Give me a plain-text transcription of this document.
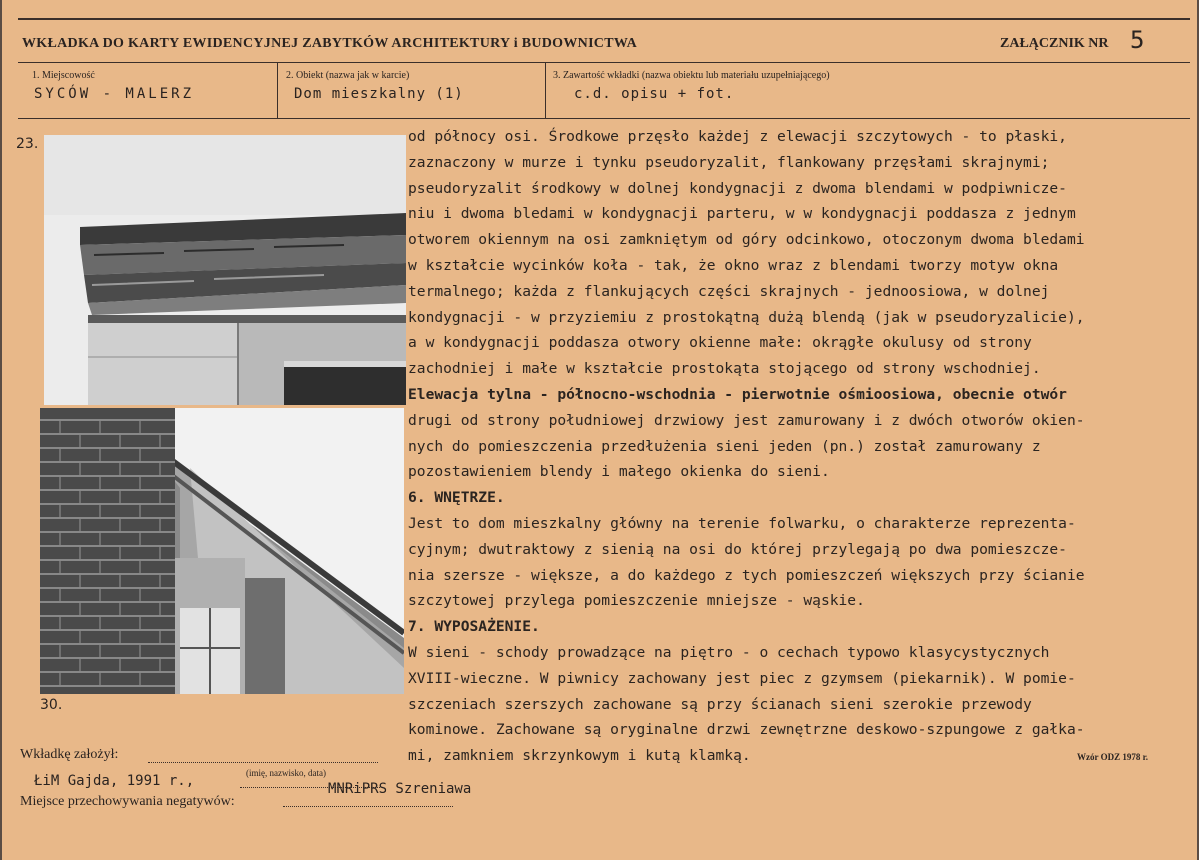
WKŁADKA DO KARTY EWIDENCYJNEJ ZABYTKÓW ARCHITEKTURY i BUDOWNICTWA	ZAŁĄCZNIK NR 5
1. Miejscowość
SYCÓW - MALERZ
2. Obiekt (nazwa jak w karcie)
Dom mieszkalny (1)
3. Zawartość wkładki (nazwa obiektu lub materiału uzupełniającego)
c.d. opisu + fot.
23.
30.
od północy osi. Środkowe przęsło każdej z elewacji szczytowych - to płaski,
zaznaczony w murze i tynku pseudoryzalit, flankowany przęsłami skrajnymi;
pseudoryzalit środkowy w dolnej kondygnacji z dwoma blendami w podpiwnicze-
niu i dwoma bledami w kondygnacji parteru, w w kondygnacji poddasza z jednym
otworem okiennym na osi zamkniętym od góry odcinkowo, otoczonym dwoma bledami
w kształcie wycinków koła - tak, że okno wraz z blendami tworzy motyw okna
termalnego; każda z flankujących części skrajnych - jednoosiowa, w dolnej
kondygnacji - w przyziemiu z prostokątną dużą blendą (jak w pseudoryzalicie),
a w kondygnacji poddasza otwory okienne małe: okrągłe okulusy od strony
zachodniej i małe w kształcie prostokąta stojącego od strony wschodniej.
Elewacja tylna - północno-wschodnia - pierwotnie ośmioosiowa, obecnie otwór
drugi od strony południowej drzwiowy jest zamurowany i z dwóch otworów okien-
nych do pomieszczenia przedłużenia sieni jeden (pn.) został zamurowany z
pozostawieniem blendy i małego okienka do sieni.
6. WNĘTRZE.
Jest to dom mieszkalny główny na terenie folwarku, o charakterze reprezenta-
cyjnym; dwutraktowy z sienią na osi do której przylegają po dwa pomieszcze-
nia szersze - większe, a do każdego z tych pomieszczeń większych przy ścianie
szczytowej przylega pomieszczenie mniejsze - wąskie.
7. WYPOSAŻENIE.
W sieni - schody prowadzące na piętro - o cechach typowo klasycystycznych
XVIII-wieczne. W piwnicy zachowany jest piec z gzymsem (piekarnik). W pomie-
szczeniach szerszych zachowane są przy ścianach sieni szerokie przewody
kominowe. Zachowane są oryginalne drzwi zewnętrzne deskowo-szpungowe z gałka-
mi, zamkniem skrzynkowym i kutą klamką.
Wkładkę założył:
ŁiM Gajda, 1991 r.,	(imię, nazwisko, data)
Miejsce przechowywania negatywów:
MNRiPRS Szreniawa
Wzór ODZ 1978 r.
